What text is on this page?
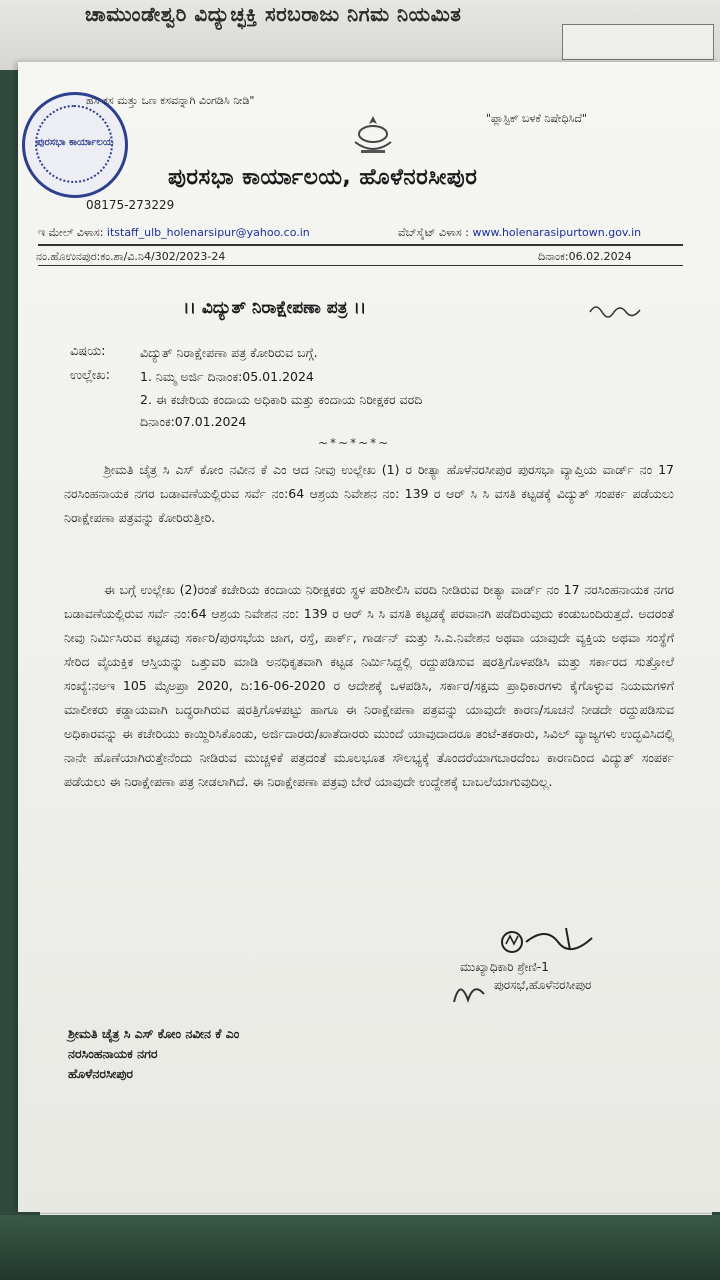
ಚಾಮುಂಡೇಶ್ವರಿ ವಿದ್ಯುಚ್ಛಕ್ತಿ ಸರಬರಾಜು ನಿಗಮ ನಿಯಮಿತ
ಪುರಸಭಾ ಕಾರ್ಯಾಲಯ
ಹಸಿ ಕಸ ಮತ್ತು ಒಣ ಕಸವನ್ನಾಗಿ ವಿಂಗಡಿಸಿ ನೀಡಿ"
"ಪ್ಲಾಸ್ಟಿಕ್ ಬಳಕೆ ನಿಷೇಧಿಸಿದೆ"
ಪುರಸಭಾ ಕಾರ್ಯಾಲಯ, ಹೊಳೆನರಸೀಪುರ
08175-273229
ಇ ಮೇಲ್ ವಿಳಾಸ: itstaff_ulb_holenarsipur@yahoo.co.in	ವೆಬ್‌ಸೈಟ್ ವಿಳಾಸ : www.holenarasipurtown.gov.in
ನಂ.ಹೊಉನಪುರ:ಕಂ.ಶಾ/ವಿ.ನಿ4/302/2023-24	ದಿನಾಂಕ:06.02.2024
।। ವಿದ್ಯುತ್ ನಿರಾಕ್ಷೇಪಣಾ ಪತ್ರ ।।
ವಿಷಯ:	ವಿದ್ಯುತ್ ನಿರಾಕ್ಷೇಪಣಾ ಪತ್ರ ಕೋರಿರುವ ಬಗ್ಗೆ.
ಉಲ್ಲೇಖ: 1. ನಿಮ್ಮ ಅರ್ಜಿ ದಿನಾಂಕ:05.01.2024
2. ಈ ಕಚೇರಿಯ ಕಂದಾಯ ಅಧಿಕಾರಿ ಮತ್ತು ಕಂದಾಯ ನಿರೀಕ್ಷಕರ ವರದಿ
ದಿನಾಂಕ:07.01.2024
~*~*~*~
ಶ್ರೀಮತಿ ಚೈತ್ರ ಸಿ ಎಸ್ ಕೋಂ ನವೀನ ಕೆ ಎಂ ಆದ ನೀವು ಉಲ್ಲೇಖ (1) ರ ರೀತ್ಯಾ ಹೊಳೆನರಸೀಪುರ ಪುರಸಭಾ ವ್ಯಾಪ್ತಿಯ ವಾರ್ಡ್ ನಂ 17 ನರಸಿಂಹನಾಯಕ ನಗರ ಬಡಾವಣೆಯಲ್ಲಿರುವ ಸರ್ವೆ ನಂ:64 ಆಶ್ರಯ ನಿವೇಶನ ನಂ: 139 ರ ಆರ್ ಸಿ ಸಿ ವಸತಿ ಕಟ್ಟಡಕ್ಕೆ ವಿದ್ಯುತ್ ಸಂಪರ್ಕ ಪಡೆಯಲು ನಿರಾಕ್ಷೇಪಣಾ ಪತ್ರವನ್ನು ಕೋರಿರುತ್ತೀರಿ.
ಈ ಬಗ್ಗೆ ಉಲ್ಲೇಖ (2)ರಂತೆ ಕಚೇರಿಯ ಕಂದಾಯ ನಿರೀಕ್ಷಕರು ಸ್ಥಳ ಪರಿಶೀಲಿಸಿ ವರದಿ ನೀಡಿರುವ ರೀತ್ಯಾ ವಾರ್ಡ್ ನಂ 17 ನರಸಿಂಹನಾಯಕ ನಗರ ಬಡಾವಣೆಯಲ್ಲಿರುವ ಸರ್ವೆ ನಂ:64 ಆಶ್ರಯ ನಿವೇಶನ ನಂ: 139 ರ ಆರ್ ಸಿ ಸಿ ವಸತಿ ಕಟ್ಟಡಕ್ಕೆ ಪರವಾನಗಿ ಪಡೆದಿರುವುದು ಕಂಡುಬಂದಿರುತ್ತದೆ. ಅದರಂತೆ ನೀವು ನಿರ್ಮಿಸಿರುವ ಕಟ್ಟಡವು ಸರ್ಕಾರಿ/ಪುರಸಭೆಯ ಜಾಗ, ರಸ್ತೆ, ಪಾರ್ಕ್, ಗಾರ್ಡನ್ ಮತ್ತು ಸಿ.ಎ.ನಿವೇಶನ ಅಥವಾ ಯಾವುದೇ ವ್ಯಕ್ತಿಯ ಅಥವಾ ಸಂಸ್ಥೆಗೆ ಸೇರಿದ ವೈಯಕ್ತಿಕ ಆಸ್ತಿಯನ್ನು ಒತ್ತುವರಿ ಮಾಡಿ ಅನಧಿಕೃತವಾಗಿ ಕಟ್ಟಡ ನಿರ್ಮಿಸಿದ್ದಲ್ಲಿ ರದ್ದುಪಡಿಸುವ ಷರತ್ತಿಗೊಳಪಡಿಸಿ ಮತ್ತು ಸರ್ಕಾರದ ಸುತ್ತೋಲೆ ಸಂಖ್ಯೆ:ನಅಇ 105 ಮೈಅಪ್ರಾ 2020, ದಿ:16-06-2020 ರ ಆದೇಶಕ್ಕೆ ಒಳಪಡಿಸಿ, ಸರ್ಕಾರ/ಸಕ್ಷಮ ಪ್ರಾಧಿಕಾರಗಳು ಕೈಗೊಳ್ಳುವ ನಿಯಮಗಳಿಗೆ ಮಾಲೀಕರು ಕಡ್ಡಾಯವಾಗಿ ಬದ್ಧರಾಗಿರುವ ಷರತ್ತಿಗೊಳಪಟ್ಟು ಹಾಗೂ ಈ ನಿರಾಕ್ಷೇಪಣಾ ಪತ್ರವನ್ನು ಯಾವುದೇ ಕಾರಣ/ಸೂಚನೆ ನೀಡದೇ ರದ್ದುಪಡಿಸುವ ಅಧಿಕಾರವನ್ನು ಈ ಕಚೇರಿಯು ಕಾಯ್ದಿರಿಸಿಕೊಂಡು, ಅರ್ಜಿದಾರರು/ಖಾತೆದಾರರು ಮುಂದೆ ಯಾವುದಾದರೂ ತಂಟೆ-ತಕರಾರು, ಸಿವಿಲ್ ವ್ಯಾಜ್ಯಗಳು ಉದ್ಭವಿಸಿದಲ್ಲಿ ನಾನೇ ಹೊಣೆಯಾಗಿರುತ್ತೇನೆಂದು ನೀಡಿರುವ ಮುಚ್ಚಳಿಕೆ ಪತ್ರದಂತೆ ಮೂಲಭೂತ ಸೌಲಭ್ಯಕ್ಕೆ ತೊಂದರೆಯಾಗಬಾರದೆಂಬ ಕಾರಣದಿಂದ ವಿದ್ಯುತ್ ಸಂಪರ್ಕ ಪಡೆಯಲು ಈ ನಿರಾಕ್ಷೇಪಣಾ ಪತ್ರ ನೀಡಲಾಗಿದೆ. ಈ ನಿರಾಕ್ಷೇಪಣಾ ಪತ್ರವು ಬೇರೆ ಯಾವುದೇ ಉದ್ದೇಶಕ್ಕೆ ಬಾಬಲೆಯಾಗುವುದಿಲ್ಲ.
ಮುಖ್ಯಾಧಿಕಾರಿ ಶ್ರೇಣಿ-1
ಪುರಸಭೆ,ಹೊಳೆನರಸೀಪುರ
ಶ್ರೀಮತಿ ಚೈತ್ರ ಸಿ ಎಸ್ ಕೋಂ ನವೀನ ಕೆ ಎಂ
ನರಸಿಂಹನಾಯಕ ನಗರ
ಹೊಳೆನರಸೀಪುರ
